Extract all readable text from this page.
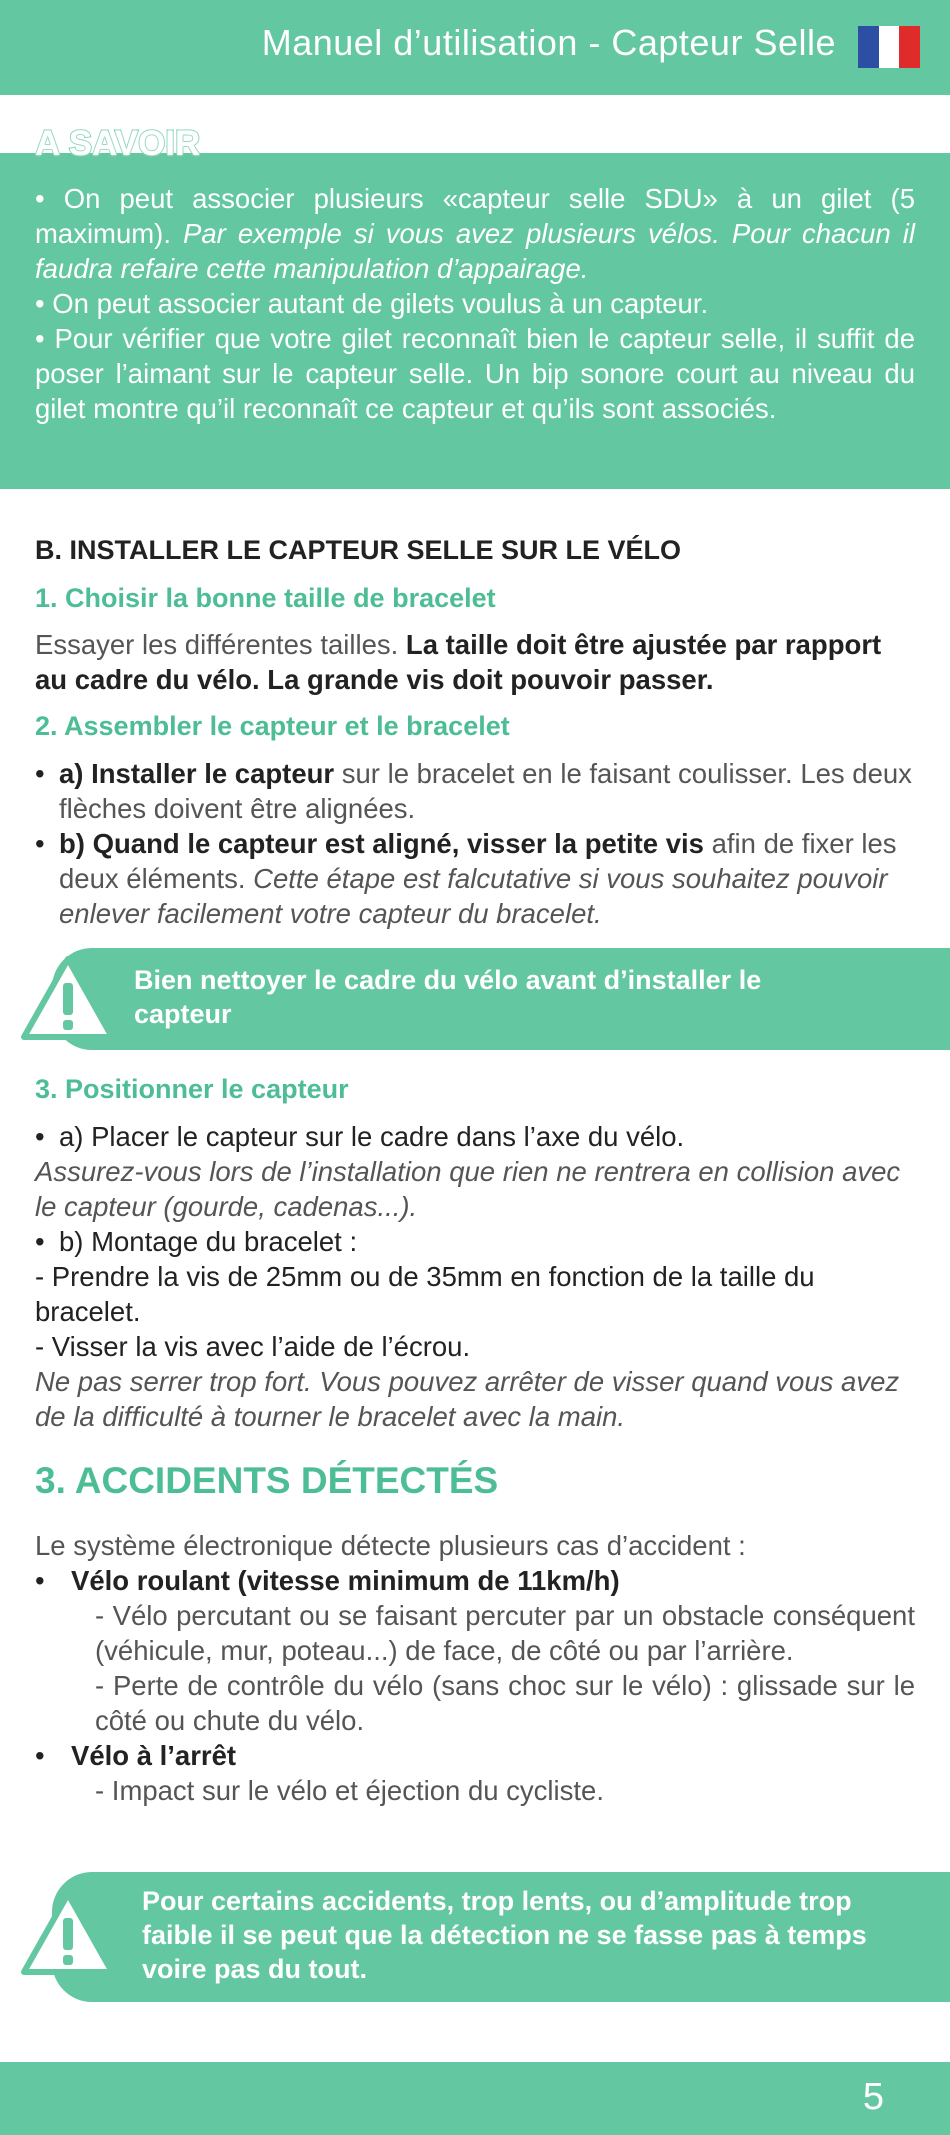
Manuel d’utilisation - Capteur Selle
A SAVOIR

• On peut associer plusieurs «capteur selle SDU» à un gilet (5 maximum). Par exemple si vous avez plusieurs vélos. Pour chacun il faudra refaire cette manipulation d’appairage.

• On peut associer autant de gilets voulus à un capteur.

• Pour vérifier que votre gilet reconnaît bien le capteur selle, il suffit de poser l’aimant sur le capteur selle. Un bip sonore court au niveau du gilet montre qu’il reconnaît ce capteur et qu’ils sont associés.

B. INSTALLER LE CAPTEUR SELLE SUR LE VÉLO
1. Choisir la bonne taille de bracelet

Essayer les différentes tailles. La taille doit être ajustée par rapport au cadre du vélo. La grande vis doit pouvoir passer.

2. Assembler le capteur et le bracelet
• a) Installer le capteur sur le bracelet en le faisant coulisser. Les deux flèches doivent être alignées.
• b) Quand le capteur est aligné, visser la petite vis afin de fixer les deux éléments. Cette étape est falcutative si vous souhaitez pouvoir enlever facilement votre capteur du bracelet.
Bien nettoyer le cadre du vélo avant d’installer le capteur
3. Positionner le capteur
• a) Placer le capteur sur le cadre dans l’axe du vélo.

Assurez-vous lors de l’installation que rien ne rentrera en collision avec le capteur (gourde, cadenas...).

• b) Montage du bracelet :

- Prendre la vis de 25mm ou de 35mm en fonction de la taille du bracelet.

- Visser la vis avec l’aide de l’écrou.

Ne pas serrer trop fort. Vous pouvez arrêter de visser quand vous avez de la difficulté à tourner le bracelet avec la main.

3. ACCIDENTS DÉTECTÉS

Le système électronique détecte plusieurs cas d’accident :

• Vélo roulant (vitesse minimum de 11km/h)

- Vélo percutant ou se faisant percuter par un obstacle conséquent (véhicule, mur, poteau...) de face, de côté ou par l’arrière.

- Perte de contrôle du vélo (sans choc sur le vélo) : glissade sur le côté ou chute du vélo.

• Vélo à l’arrêt

- Impact sur le vélo et éjection du cycliste.

Pour certains accidents, trop lents, ou d’amplitude trop faible il se peut que la détection ne se fasse pas à temps voire pas du tout.
5
